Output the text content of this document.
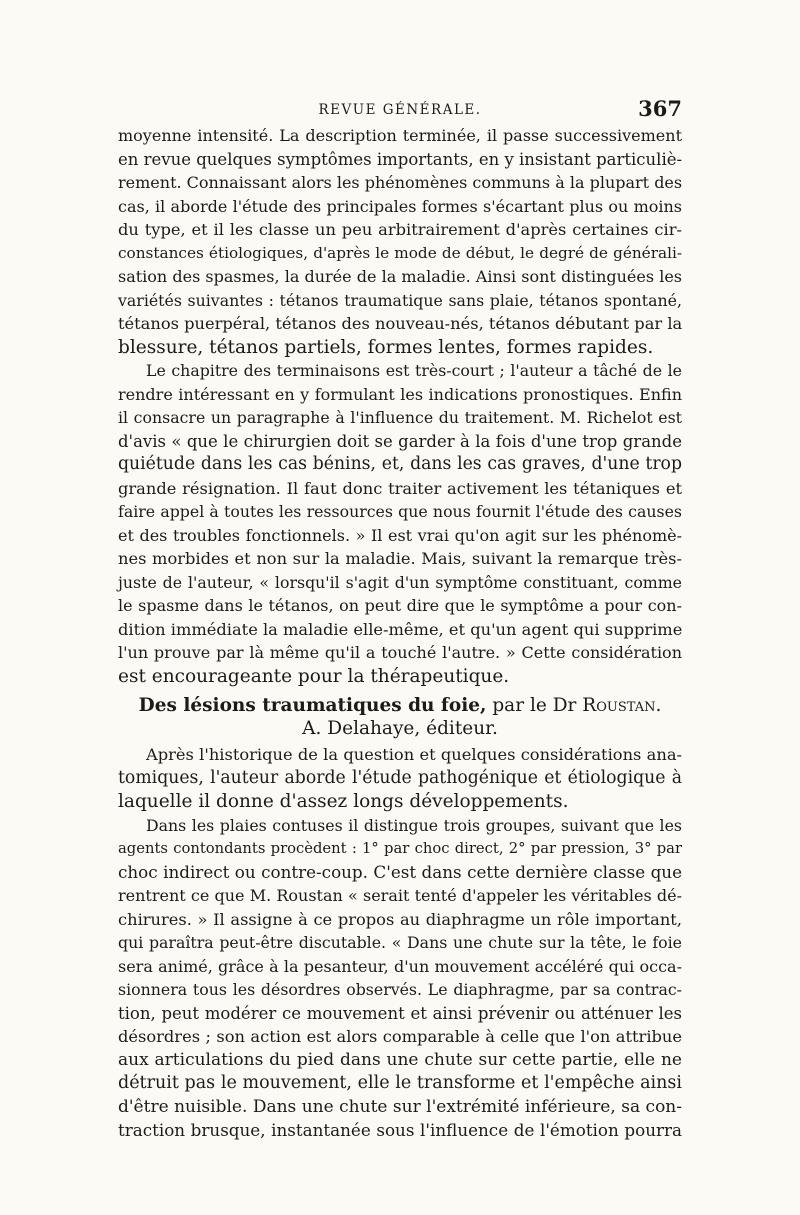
REVUE GÉNÉRALE.	367
moyenne intensité. La description terminée, il passe successivement
en revue quelques symptômes importants, en y insistant particuliè-
rement. Connaissant alors les phénomènes communs à la plupart des
cas, il aborde l'étude des principales formes s'écartant plus ou moins
du type, et il les classe un peu arbitrairement d'après certaines cir-
constances étiologiques, d'après le mode de début, le degré de générali-
sation des spasmes, la durée de la maladie. Ainsi sont distinguées les
variétés suivantes : tétanos traumatique sans plaie, tétanos spontané,
tétanos puerpéral, tétanos des nouveau-nés, tétanos débutant par la
blessure, tétanos partiels, formes lentes, formes rapides.
Le chapitre des terminaisons est très-court ; l'auteur a tâché de le
rendre intéressant en y formulant les indications pronostiques. Enfin
il consacre un paragraphe à l'influence du traitement. M. Richelot est
d'avis « que le chirurgien doit se garder à la fois d'une trop grande
quiétude dans les cas bénins, et, dans les cas graves, d'une trop
grande résignation. Il faut donc traiter activement les tétaniques et
faire appel à toutes les ressources que nous fournit l'étude des causes
et des troubles fonctionnels. » Il est vrai qu'on agit sur les phénomè-
nes morbides et non sur la maladie. Mais, suivant la remarque très-
juste de l'auteur, « lorsqu'il s'agit d'un symptôme constituant, comme
le spasme dans le tétanos, on peut dire que le symptôme a pour con-
dition immédiate la maladie elle-même, et qu'un agent qui supprime
l'un prouve par là même qu'il a touché l'autre. » Cette considération
est encourageante pour la thérapeutique.
Des lésions traumatiques du foie, par le Dr Roustan.
A. Delahaye, éditeur.
Après l'historique de la question et quelques considérations ana-
tomiques, l'auteur aborde l'étude pathogénique et étiologique à
laquelle il donne d'assez longs développements.
Dans les plaies contuses il distingue trois groupes, suivant que les
agents contondants procèdent : 1° par choc direct, 2° par pression, 3° par
choc indirect ou contre-coup. C'est dans cette dernière classe que
rentrent ce que M. Roustan « serait tenté d'appeler les véritables dé-
chirures. » Il assigne à ce propos au diaphragme un rôle important,
qui paraîtra peut-être discutable. « Dans une chute sur la tête, le foie
sera animé, grâce à la pesanteur, d'un mouvement accéléré qui occa-
sionnera tous les désordres observés. Le diaphragme, par sa contrac-
tion, peut modérer ce mouvement et ainsi prévenir ou atténuer les
désordres ; son action est alors comparable à celle que l'on attribue
aux articulations du pied dans une chute sur cette partie, elle ne
détruit pas le mouvement, elle le transforme et l'empêche ainsi
d'être nuisible. Dans une chute sur l'extrémité inférieure, sa con-
traction brusque, instantanée sous l'influence de l'émotion pourra
